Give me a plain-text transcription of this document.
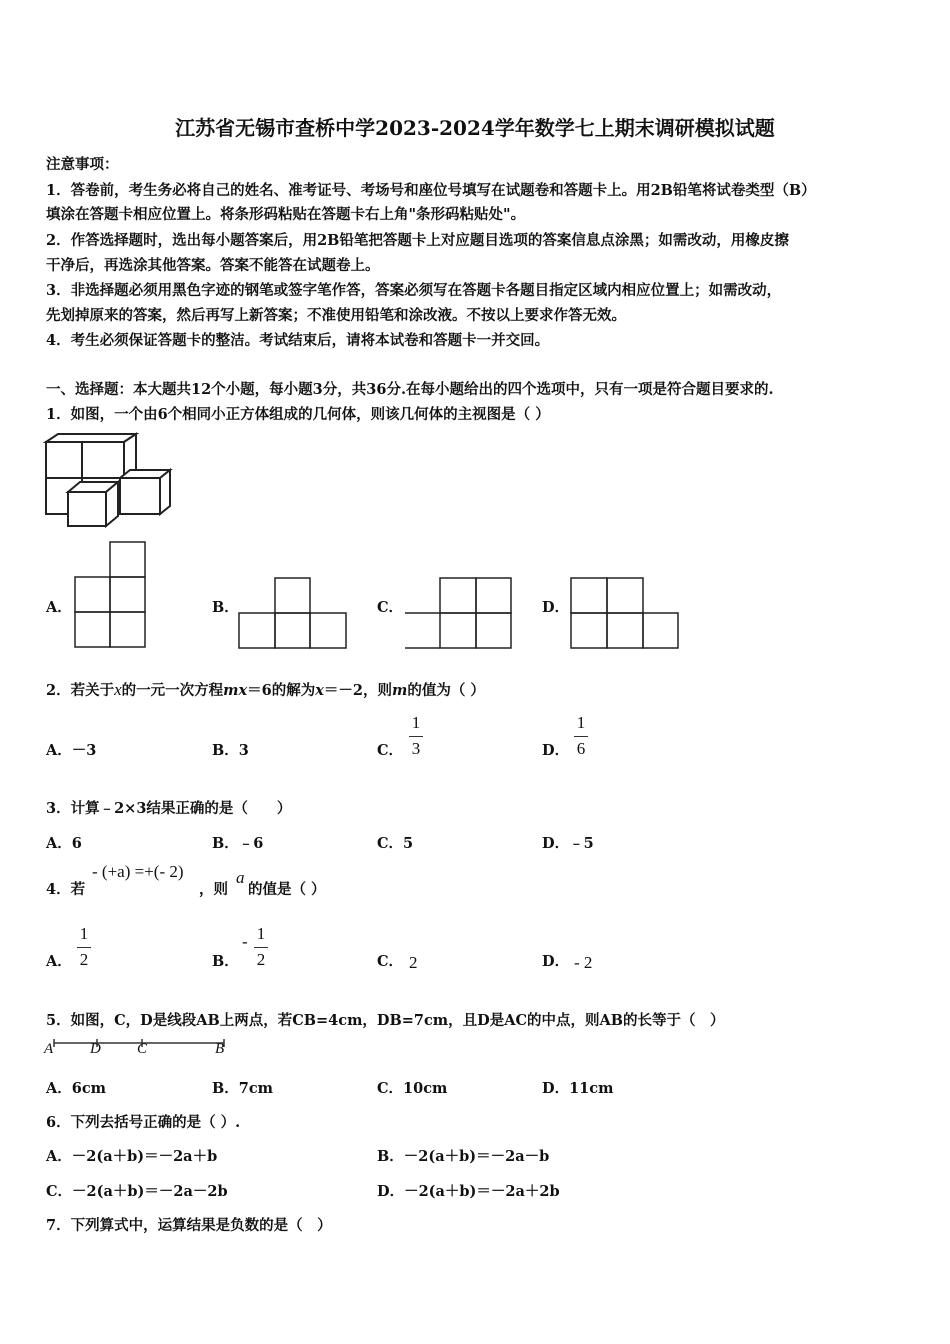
江苏省无锡市查桥中学2023-2024学年数学七上期末调研模拟试题
注意事项：
1．答卷前，考生务必将自己的姓名、准考证号、考场号和座位号填写在试题卷和答题卡上。用2B铅笔将试卷类型（B）
填涂在答题卡相应位置上。将条形码粘贴在答题卡右上角"条形码粘贴处"。
2．作答选择题时，选出每小题答案后，用2B铅笔把答题卡上对应题目选项的答案信息点涂黑；如需改动，用橡皮擦
干净后，再选涂其他答案。答案不能答在试题卷上。
3．非选择题必须用黑色字迹的钢笔或签字笔作答，答案必须写在答题卡各题目指定区域内相应位置上；如需改动，
先划掉原来的答案，然后再写上新答案；不准使用铅笔和涂改液。不按以上要求作答无效。
4．考生必须保证答题卡的整洁。考试结束后，请将本试卷和答题卡一并交回。
一、选择题：本大题共12个小题，每小题3分，共36分.在每小题给出的四个选项中，只有一项是符合题目要求的.
1．如图，一个由6个相同小正方体组成的几何体，则该几何体的主视图是（ ）
A．	B．	C．	D．
2．若关于x的一元一次方程mx＝6的解为x＝－2，则m的值为（ ）
A．－3	B．3	C．
1
3	D．
1
6
3．计算﹣2×3结果正确的是（　　）
A．6	B．﹣6	C．5	D．﹣5
4．若
- (+a) =+(- 2)
，则
a
的值是（ ）
A．
1
2	B．
- 1
2	C． 2	D． - 2
5．如图，C，D是线段AB上两点，若CB=4cm，DB=7cm，且D是AC的中点，则AB的长等于（　）
A D C	B
A．6cm	B．7cm	C．10cm	D．11cm
6．下列去括号正确的是（ ）.
A．－2(a＋b)＝－2a＋b	B．－2(a＋b)＝－2a－b
C．－2(a＋b)＝－2a－2b	D．－2(a＋b)＝－2a＋2b
7．下列算式中，运算结果是负数的是（　）
